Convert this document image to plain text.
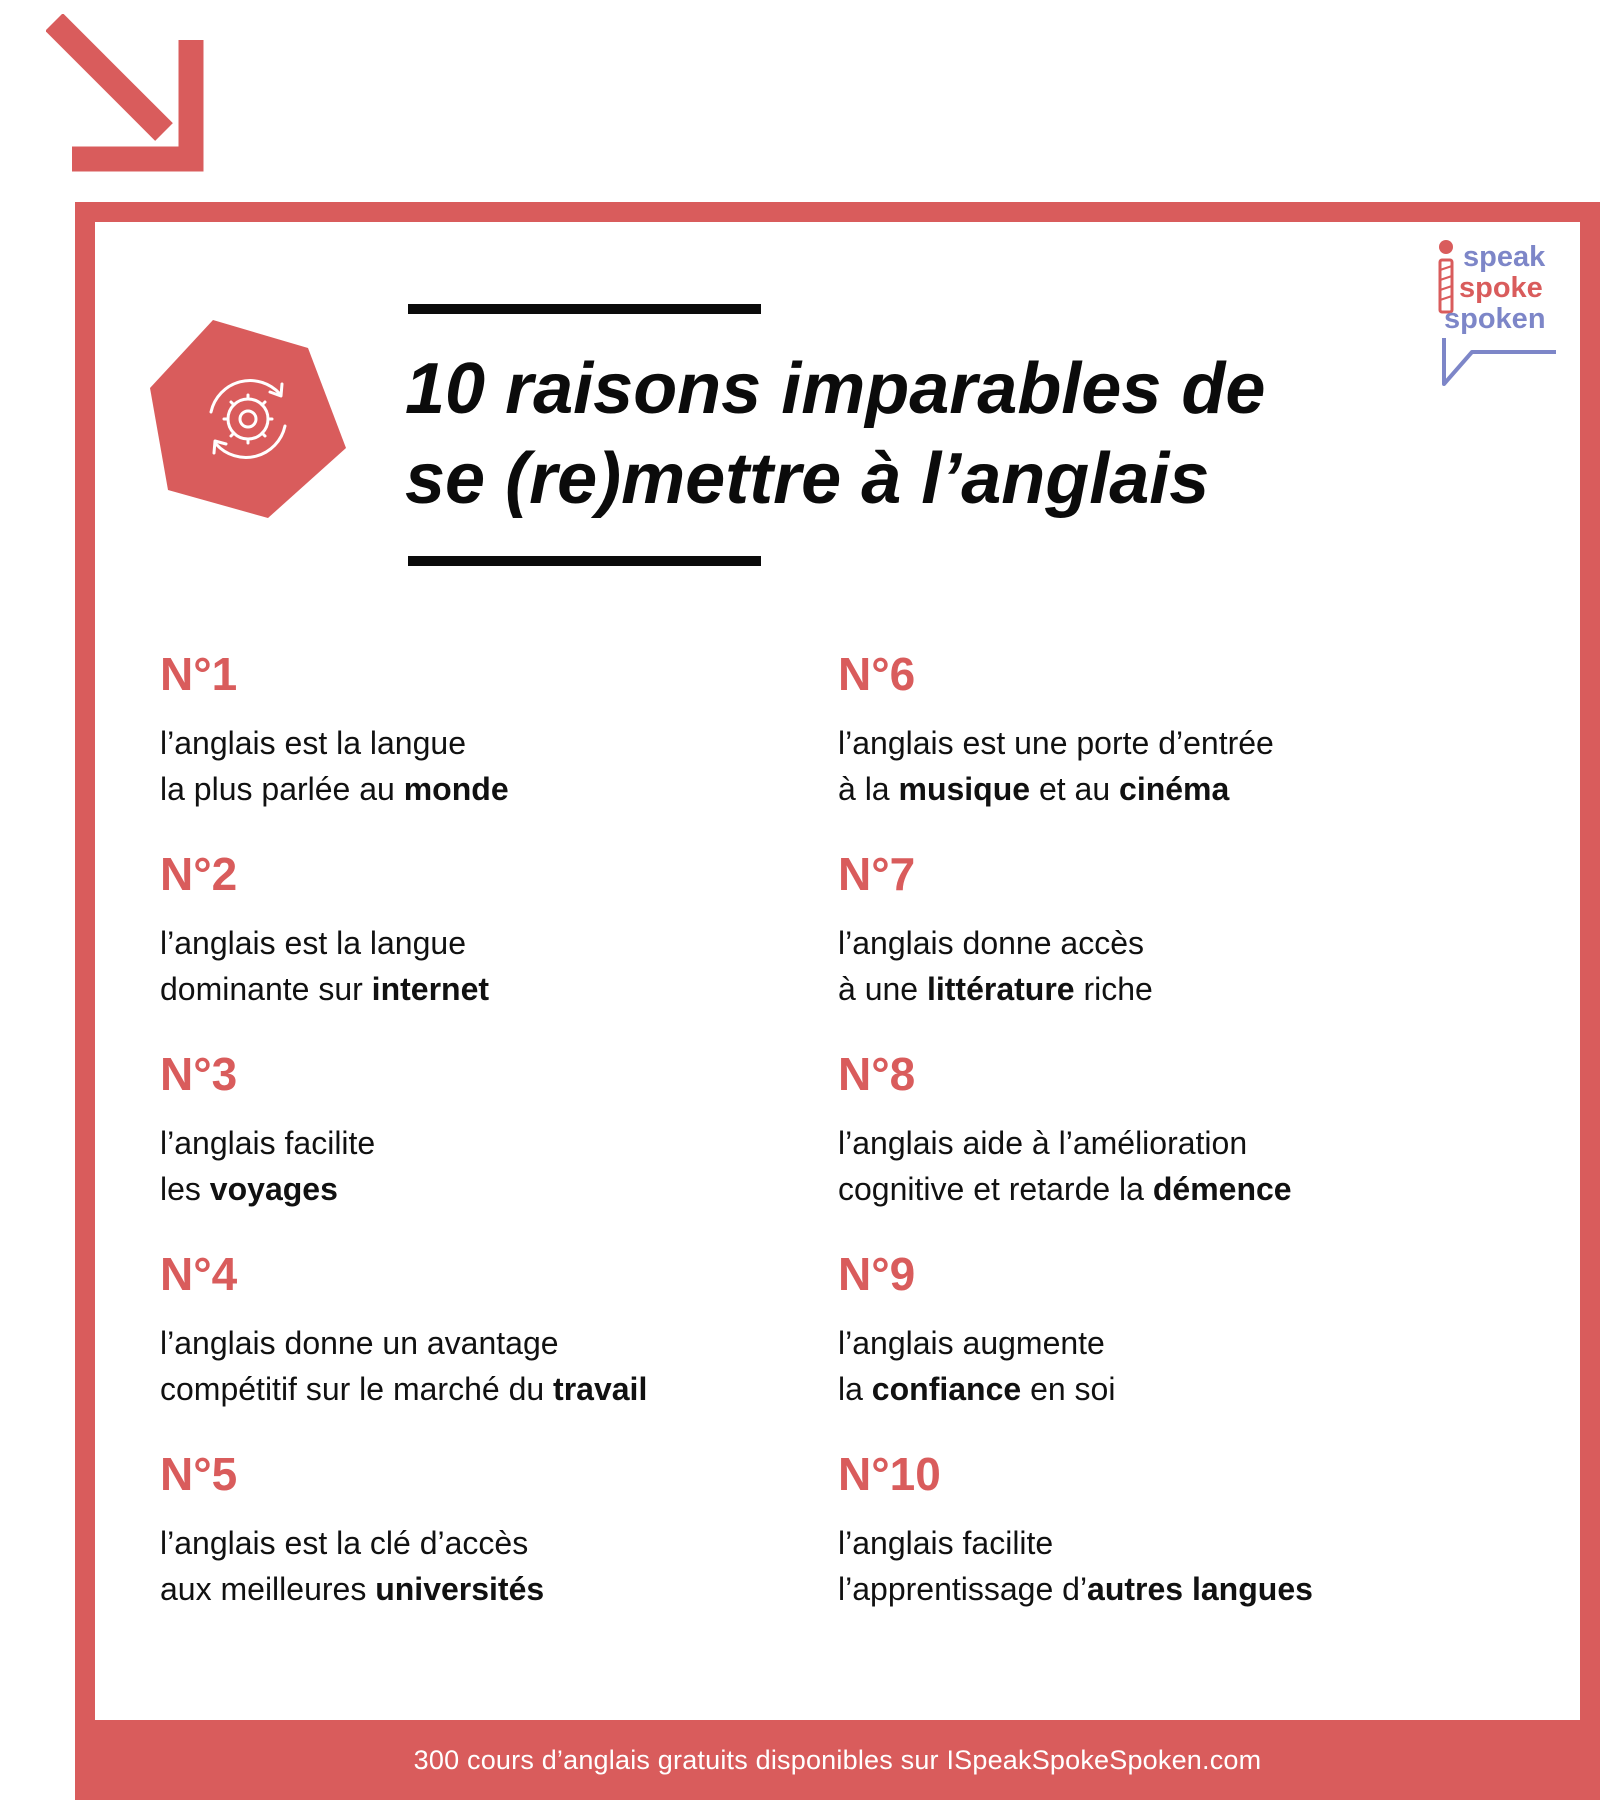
300 cours d’anglais gratuits disponibles sur ISpeakSpokeSpoken.com
10 raisons imparables de
se (re)mettre à l’anglais
speak
spoke
spoken
N°1
l’anglais est la langue
la plus parlée au monde
N°2
l’anglais est la langue
dominante sur internet
N°3
l’anglais facilite
les voyages
N°4
l’anglais donne un avantage
compétitif sur le marché du travail
N°5
l’anglais est la clé d’accès
aux meilleures universités
N°6
l’anglais est une porte d’entrée
à la musique et au cinéma
N°7
l’anglais donne accès
à une littérature riche
N°8
l’anglais aide à l’amélioration
cognitive et retarde la démence
N°9
l’anglais augmente
la confiance en soi
N°10
l’anglais facilite
l’apprentissage d’autres langues
